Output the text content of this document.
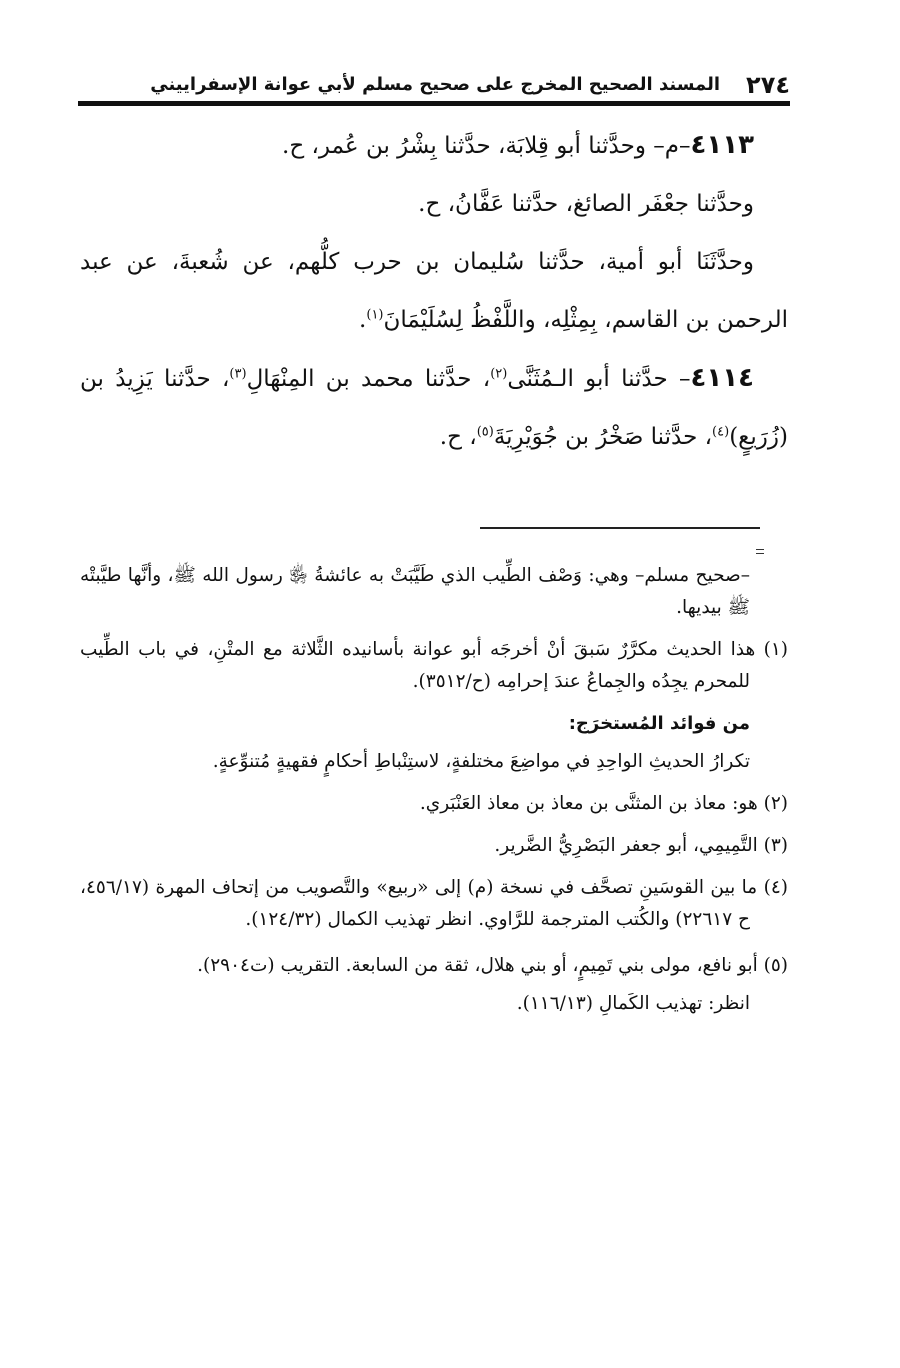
٢٧٤
المسند الصحيح المخرج على صحيح مسلم لأبي عوانة الإسفراييني

٤١١٣–م– وحدَّثنا أبو قِلابَة، حدَّثنا بِشْرُ بن عُمر، ح.

وحدَّثنا جعْفَر الصائغ، حدَّثنا عَفَّانُ، ح.

وحدَّثَنَا أبو أمية، حدَّثنا سُليمان بن حرب كلُّهم، عن شُعبةَ، عن عبد الرحمن بن القاسم، بِمِثْلِه، واللَّفْظُ لِسُلَيْمَانَ$^{(١)}$.

٤١١٤– حدَّثنا أبو الـمُثَنَّى$^{(٢)}$، حدَّثنا محمد بن المِنْهَالِ$^{(٣)}$، حدَّثنا يَزِيدُ بن (زُرَيعٍ)$^{(٤)}$، حدَّثنا صَخْرُ بن جُوَيْرِيَةَ$^{(٥)}$، ح.

–صحيح مسلم– وهي: وَصْف الطِّيب الذي طَيَّبَتْ به عائشةُ ﵂ رسول الله ﷺ، وأنَّها طيَّبتْه ﷺ بيديها.

(١) هذا الحديث مكرَّرٌ سَبقَ أنْ أخرجَه أبو عوانة بأسانيده الثَّلاثة مع المتْنِ، في باب الطِّيب للمحرم يجِدُه والجِماعُ عندَ إحرامِه (ح/٣٥١٢).

من فوائد المُستخرَج:

تكرارُ الحديثِ الواحِدِ في مواضِعَ مختلفةٍ، لاستِنْباطِ أحكامٍ فقهيةٍ مُتنوِّعةٍ.

(٢) هو: معاذ بن المثنَّى بن معاذ بن معاذ العَنْبَري.

(٣) التَّمِيمِي، أبو جعفر البَصْرِيُّ الضَّرير.

(٤) ما بين القوسَينِ تصحَّف في نسخة (م) إلى «ربيع» والتَّصويب من إتحاف المهرة (٤٥٦/١٧، ح ٢٢٦١٧) والكُتب المترجمة للرَّاوي. انظر تهذيب الكمال (١٢٤/٣٢).

(٥) أبو نافع، مولى بني تَمِيمٍ، أو بني هلال، ثقة من السابعة. التقريب (ت٢٩٠٤).

انظر: تهذيب الكَمالِ (١١٦/١٣).
